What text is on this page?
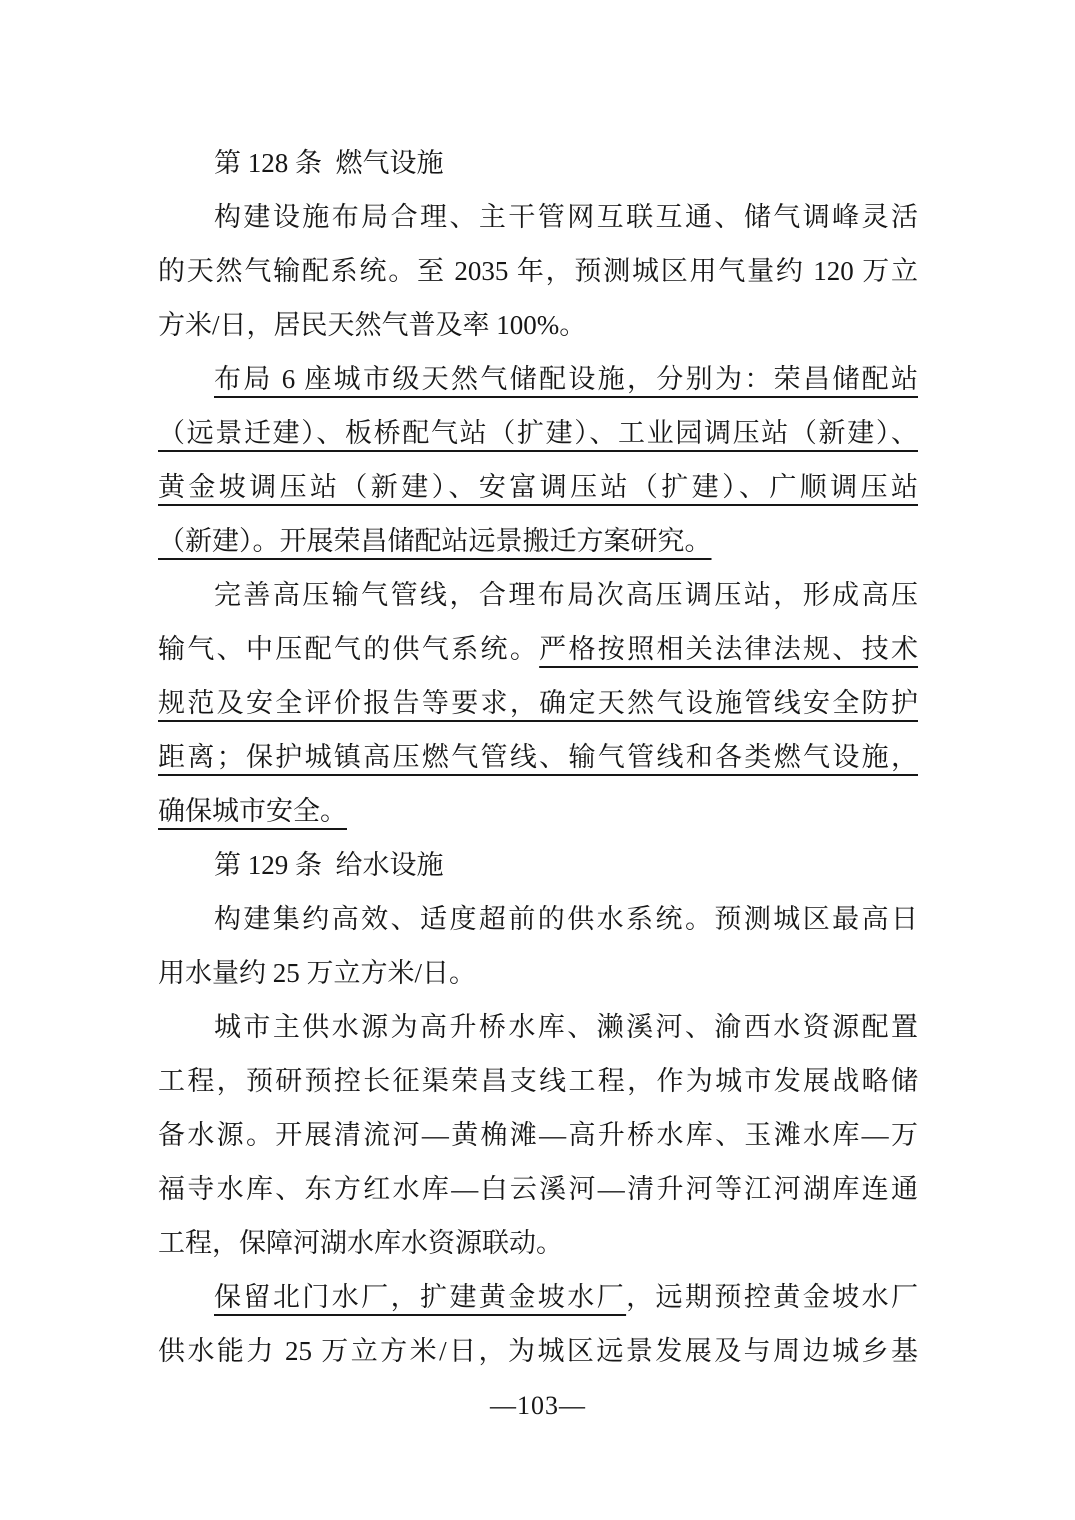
第 128 条  燃气设施
构建设施布局合理、主干管网互联互通、储气调峰灵活
的天然气输配系统。至 2035 年，预测城区用气量约 120 万立
方米/日，居民天然气普及率 100%。
布局 6 座城市级天然气储配设施，分别为：荣昌储配站
（远景迁建）、板桥配气站（扩建）、工业园调压站（新建）、
黄金坡调压站（新建）、安富调压站（扩建）、广顺调压站
（新建）。开展荣昌储配站远景搬迁方案研究。
完善高压输气管线，合理布局次高压调压站，形成高压
输气、中压配气的供气系统。严格按照相关法律法规、技术
规范及安全评价报告等要求，确定天然气设施管线安全防护
距离；保护城镇高压燃气管线、输气管线和各类燃气设施，
确保城市安全。
第 129 条  给水设施
构建集约高效、适度超前的供水系统。预测城区最高日
用水量约 25 万立方米/日。
城市主供水源为高升桥水库、濑溪河、渝西水资源配置
工程，预研预控长征渠荣昌支线工程，作为城市发展战略储
备水源。开展清流河—黄桷滩—高升桥水库、玉滩水库—万
福寺水库、东方红水库—白云溪河—清升河等江河湖库连通
工程，保障河湖水库水资源联动。
保留北门水厂，扩建黄金坡水厂，远期预控黄金坡水厂
供水能力 25 万立方米/日，为城区远景发展及与周边城乡基
—103—
